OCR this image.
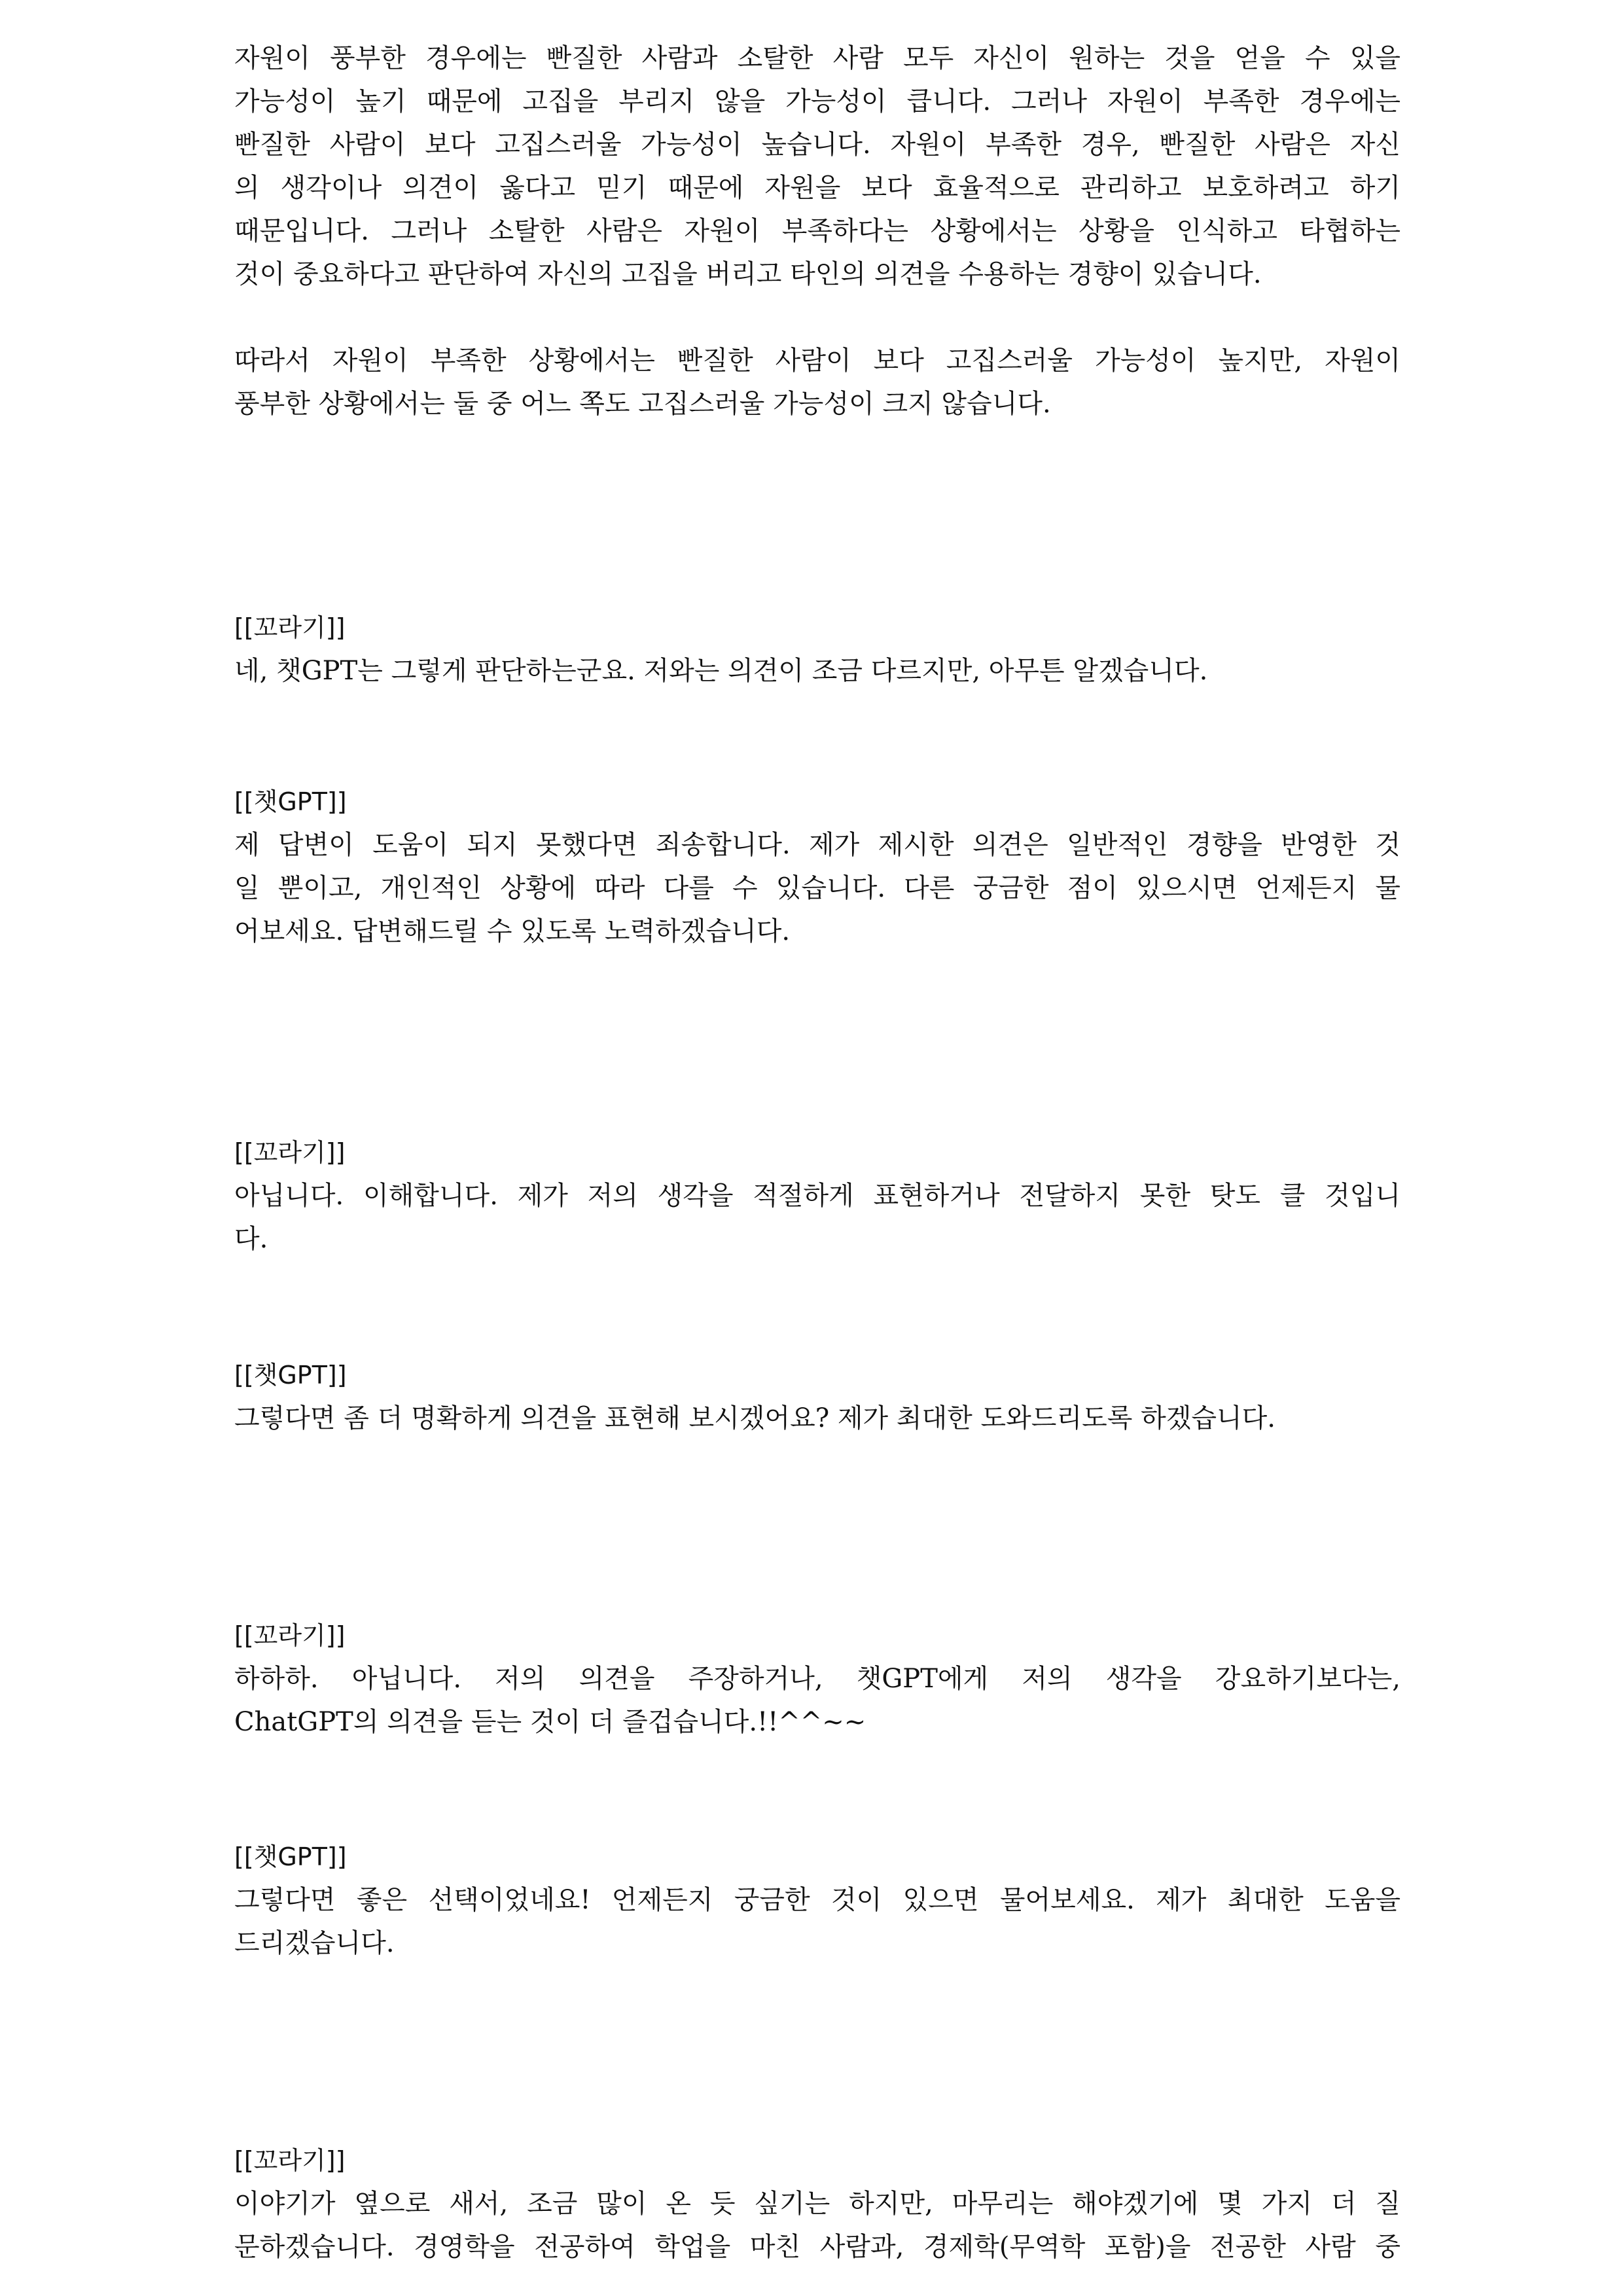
자원이 풍부한 경우에는 빤질한 사람과 소탈한 사람 모두 자신이 원하는 것을 얻을 수 있을
가능성이 높기 때문에 고집을 부리지 않을 가능성이 큽니다. 그러나 자원이 부족한 경우에는
빤질한 사람이 보다 고집스러울 가능성이 높습니다. 자원이 부족한 경우, 빤질한 사람은 자신
의 생각이나 의견이 옳다고 믿기 때문에 자원을 보다 효율적으로 관리하고 보호하려고 하기
때문입니다. 그러나 소탈한 사람은 자원이 부족하다는 상황에서는 상황을 인식하고 타협하는
것이 중요하다고 판단하여 자신의 고집을 버리고 타인의 의견을 수용하는 경향이 있습니다.
따라서 자원이 부족한 상황에서는 빤질한 사람이 보다 고집스러울 가능성이 높지만, 자원이
풍부한 상황에서는 둘 중 어느 쪽도 고집스러울 가능성이 크지 않습니다.
[[꼬라기]]
네, 챗GPT는 그렇게 판단하는군요. 저와는 의견이 조금 다르지만, 아무튼 알겠습니다.
[[챗GPT]]
제 답변이 도움이 되지 못했다면 죄송합니다. 제가 제시한 의견은 일반적인 경향을 반영한 것
일 뿐이고, 개인적인 상황에 따라 다를 수 있습니다. 다른 궁금한 점이 있으시면 언제든지 물
어보세요. 답변해드릴 수 있도록 노력하겠습니다.
[[꼬라기]]
아닙니다. 이해합니다. 제가 저의 생각을 적절하게 표현하거나 전달하지 못한 탓도 클 것입니
다.
[[챗GPT]]
그렇다면 좀 더 명확하게 의견을 표현해 보시겠어요? 제가 최대한 도와드리도록 하겠습니다.
[[꼬라기]]
하하하. 아닙니다. 저의 의견을 주장하거나, 챗GPT에게 저의 생각을 강요하기보다는,
ChatGPT의 의견을 듣는 것이 더 즐겁습니다.!!^^~~
[[챗GPT]]
그렇다면 좋은 선택이었네요! 언제든지 궁금한 것이 있으면 물어보세요. 제가 최대한 도움을
드리겠습니다.
[[꼬라기]]
이야기가 옆으로 새서, 조금 많이 온 듯 싶기는 하지만, 마무리는 해야겠기에 몇 가지 더 질
문하겠습니다. 경영학을 전공하여 학업을 마친 사람과, 경제학(무역학 포함)을 전공한 사람 중
